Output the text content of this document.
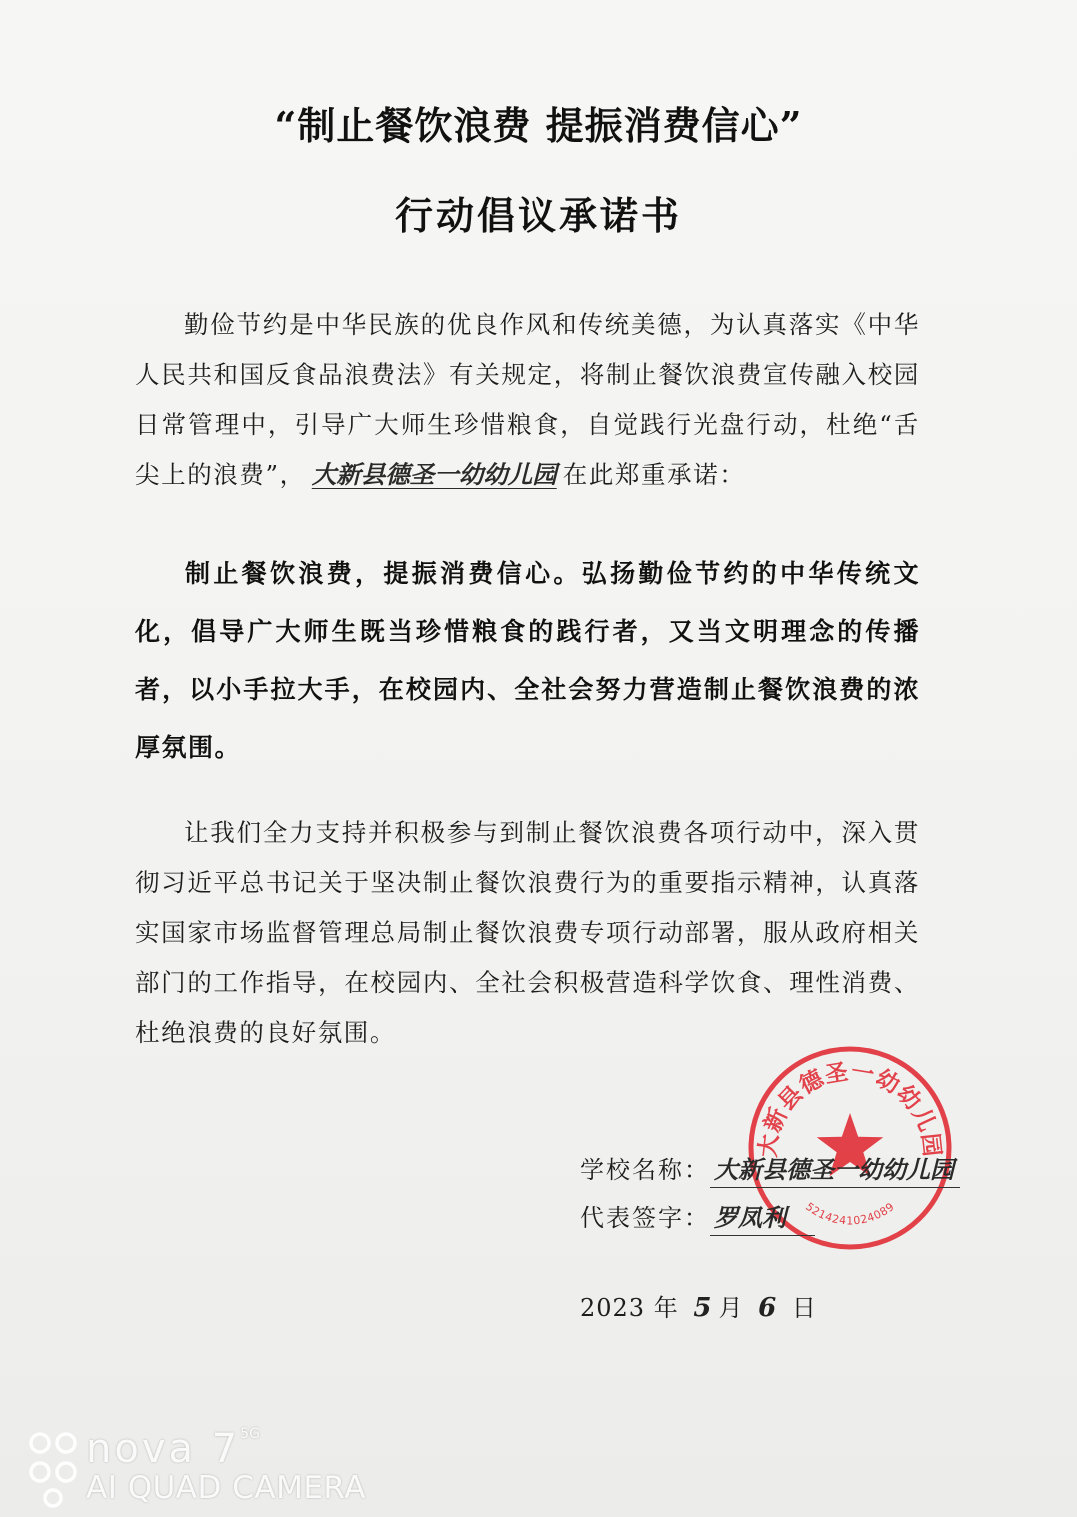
“制止餐饮浪费 提振消费信心”
行动倡议承诺书

勤俭节约是中华民族的优良作风和传统美德，为认真落实《中华人民共和国反食品浪费法》有关规定，将制止餐饮浪费宣传融入校园日常管理中，引导广大师生珍惜粮食，自觉践行光盘行动，杜绝“舌尖上的浪费”， 大新县德圣一幼幼儿园 在此郑重承诺：

制止餐饮浪费，提振消费信心。弘扬勤俭节约的中华传统文化，倡导广大师生既当珍惜粮食的践行者，又当文明理念的传播者，以小手拉大手，在校园内、全社会努力营造制止餐饮浪费的浓厚氛围。

让我们全力支持并积极参与到制止餐饮浪费各项行动中，深入贯彻习近平总书记关于坚决制止餐饮浪费行为的重要指示精神，认真落实国家市场监督管理总局制止餐饮浪费专项行动部署，服从政府相关部门的工作指导，在校园内、全社会积极营造科学饮食、理性消费、杜绝浪费的良好氛围。

大新县德圣一幼幼儿园
5214241024089
学校名称： 大新县德圣一幼幼儿园
代表签字： 罗凤利
2023 年 5 月 6 日
nova $7^{5G}$
AI QUAD CAMERA
